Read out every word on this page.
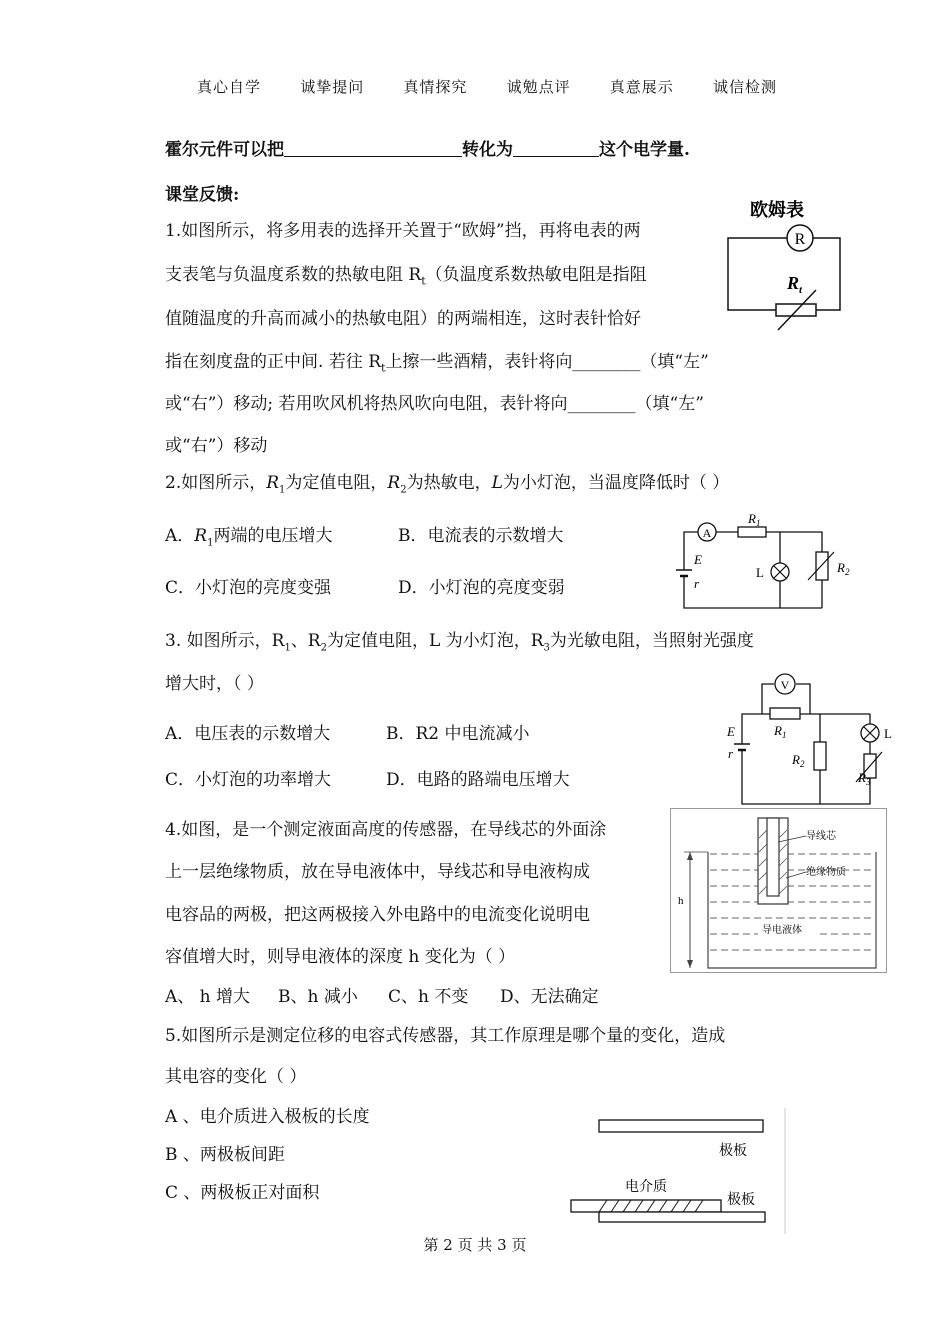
真心自学	诚挚提问	真情探究	诚勉点评	真意展示	诚信检测
霍尔元件可以把	转化为	这个电学量.
课堂反馈:
1.如图所示，将多用表的选择开关置于“欧姆”挡，再将电表的两
支表笔与负温度系数的热敏电阻 $R_t$（负温度系数热敏电阻是指阻
值随温度的升高而减小的热敏电阻）的两端相连，这时表针恰好
指在刻度盘的正中间. 若往 $R_t$上擦一些酒精，表针将向________（填“左”
或“右”）移动; 若用吹风机将热风吹向电阻，表针将向________（填“左”
或“右”）移动
欧姆表
R
$R_t$
2.如图所示，$R_1$为定值电阻，$R_2$为热敏电，L为小灯泡，当温度降低时（ ）
A．$R_1$两端的电压增大	B．电流表的示数增大
C．小灯泡的亮度变强	D．小灯泡的亮度变弱
A
$R_1$
L	$R_2$
E
r
3. 如图所示，$R_1$、$R_2$为定值电阻，L 为小灯泡，$R_3$为光敏电阻，当照射光强度
增大时，（ ）
A．电压表的示数增大	B．R2 中电流减小
C．小灯泡的功率增大	D．电路的路端电压增大
E
r
$R_1$
V
$R_2$
L
$R_3$
4.如图，是一个测定液面高度的传感器，在导线芯的外面涂
上一层绝缘物质，放在导电液体中，导线芯和导电液构成
电容品的两极，把这两极接入外电路中的电流变化说明电
容值增大时，则导电液体的深度 h 变化为（ ）
A、 h 增大 B、h 减小 C、h 不变 D、无法确定
导线芯
绝缘物质
导电液体
h
5.如图所示是测定位移的电容式传感器，其工作原理是哪个量的变化，造成
其电容的变化（ ）
A 、电介质进入极板的长度
B 、两极板间距
C 、两极板正对面积
极板
电介质
极板
第 2 页 共 3 页
